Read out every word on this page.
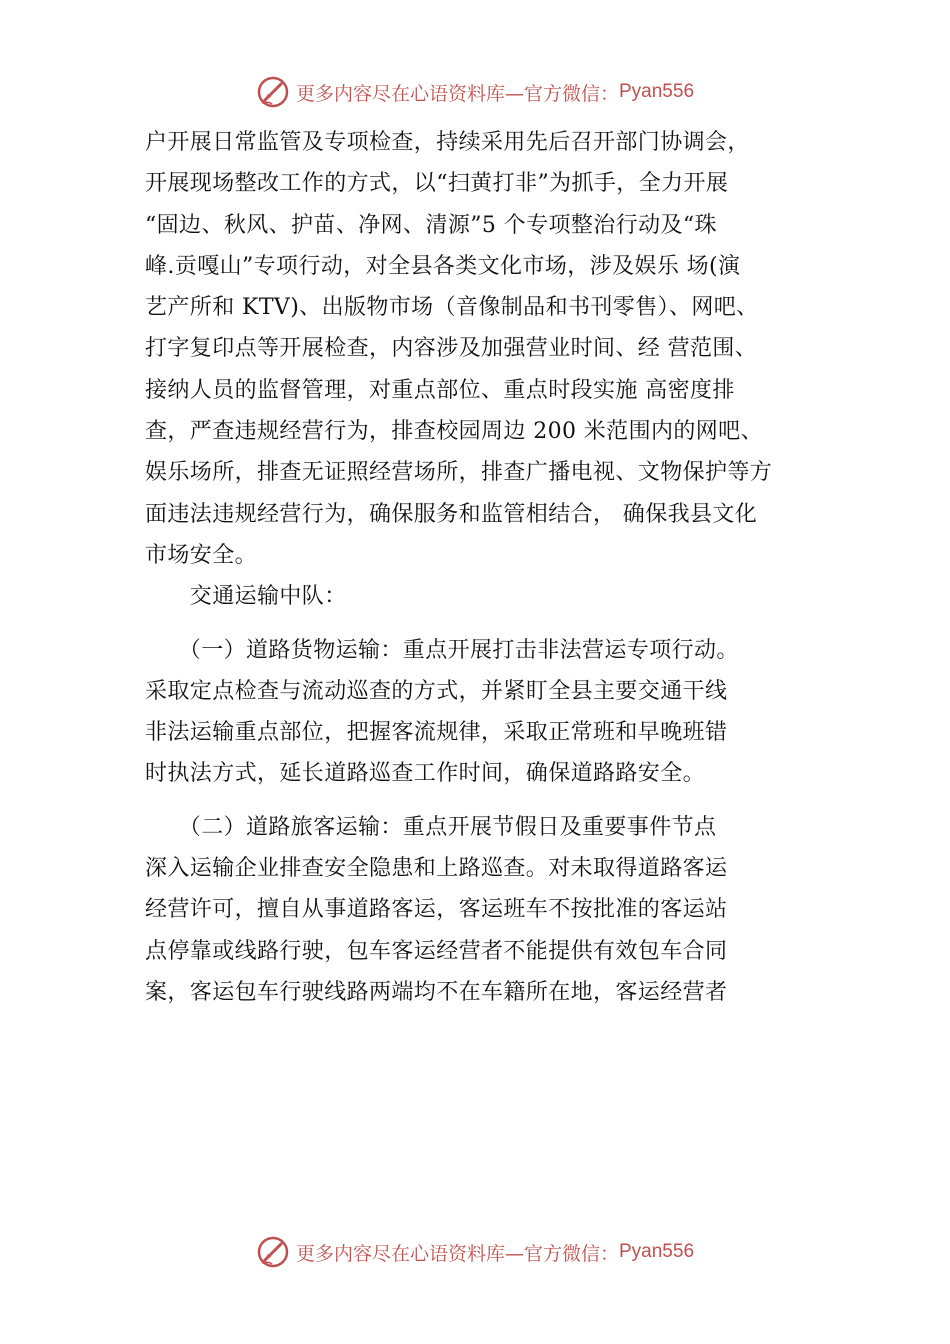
更多内容尽在心语资料库 —官方微信： Pyan556
户开展日常监管及专项检查，持续采用先后召开部门协调会，
开展现场整改工作的方式，以“扫黄打非”为抓手，全力开展
“固边、秋风、护苗、净网、清源”5 个专项整治行动及“珠
峰.贡嘎山”专项行动，对全县各类文化市场，涉及娱乐 场(演
艺产所和 KTV)、出版物市场（音像制品和书刊零售）、网吧、
打字复印点等开展检查，内容涉及加强营业时间、经 营范围、
接纳人员的监督管理，对重点部位、重点时段实施 高密度排
查，严查违规经营行为，排查校园周边 200 米范围内的网吧、
娱乐场所，排查无证照经营场所，排查广播电视、文物保护等方
面违法违规经营行为，确保服务和监管相结合， 确保我县文化
市场安全。
　　交通运输中队：
　　（一）道路货物运输：重点开展打击非法营运专项行动。
采取定点检查与流动巡查的方式，并紧盯全县主要交通干线
非法运输重点部位，把握客流规律，采取正常班和早晚班错
时执法方式，延长道路巡查工作时间，确保道路路安全。
　　（二）道路旅客运输：重点开展节假日及重要事件节点
深入运输企业排查安全隐患和上路巡查。对未取得道路客运
经营许可，擅自从事道路客运，客运班车不按批准的客运站
点停靠或线路行驶，包车客运经营者不能提供有效包车合同
案，客运包车行驶线路两端均不在车籍所在地，客运经营者
更多内容尽在心语资料库 —官方微信： Pyan556
